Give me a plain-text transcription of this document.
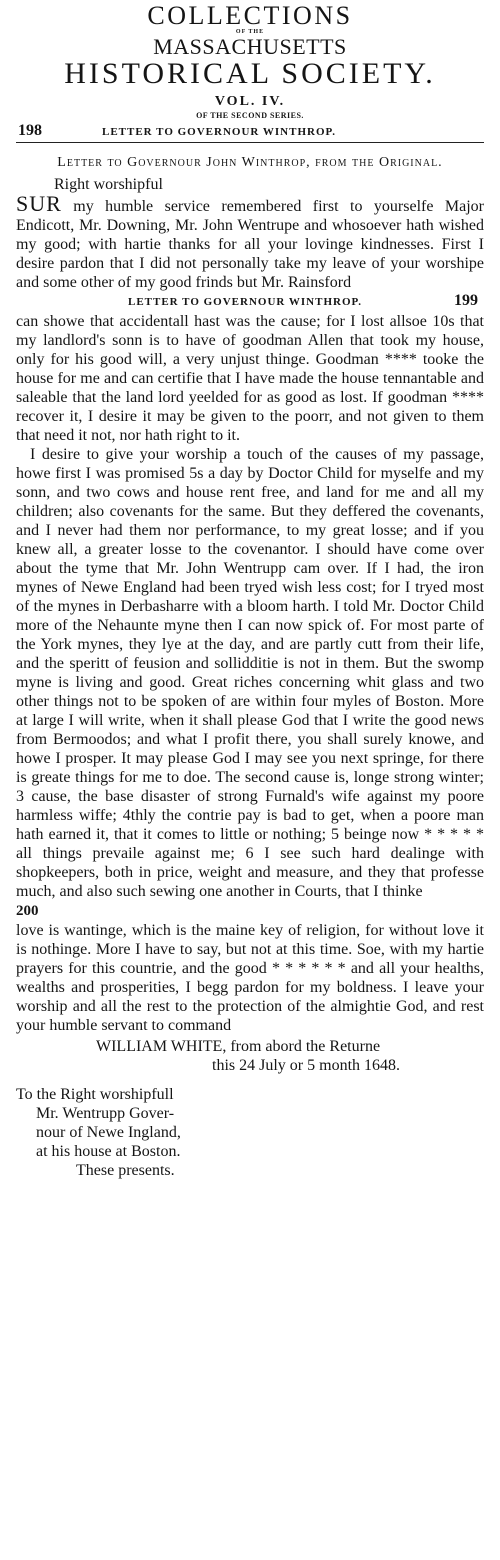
COLLECTIONS
OF THE
MASSACHUSETTS
HISTORICAL SOCIETY.
VOL. IV.
OF THE SECOND SERIES.
198	LETTER TO GOVERNOUR WINTHROP.
Letter to Governour John Winthrop, from the Original.
Right worshipful
SUR my humble service remembered first to yourselfe Major Endicott, Mr. Downing, Mr. John Wentrupe and whosoever hath wished my good; with hartie thanks for all your lovinge kindnesses. First I desire pardon that I did not personally take my leave of your worshipe and some other of my good frinds but Mr. Rainsford
LETTER TO GOVERNOUR WINTHROP.	199
can showe that accidentall hast was the cause; for I lost allsoe 10s that my landlord's sonn is to have of goodman Allen that took my house, only for his good will, a very unjust thinge. Goodman **** tooke the house for me and can certifie that I have made the house tennantable and saleable that the land lord yeelded for as good as lost. If goodman **** recover it, I desire it may be given to the poorr, and not given to them that need it not, nor hath right to it.
I desire to give your worship a touch of the causes of my passage, howe first I was promised 5s a day by Doctor Child for myselfe and my sonn, and two cows and house rent free, and land for me and all my children; also covenants for the same. But they deffered the covenants, and I never had them nor performance, to my great losse; and if you knew all, a greater losse to the covenantor. I should have come over about the tyme that Mr. John Wentrupp cam over. If I had, the iron mynes of Newe England had been tryed wish less cost; for I tryed most of the mynes in Derbasharre with a bloom harth. I told Mr. Doctor Child more of the Nehaunte myne then I can now spick of. For most parte of the York mynes, they lye at the day, and are partly cutt from their life, and the speritt of feusion and sollidditie is not in them. But the swomp myne is living and good. Great riches concerning whit glass and two other things not to be spoken of are within four myles of Boston. More at large I will write, when it shall please God that I write the good news from Bermoodos; and what I profit there, you shall surely knowe, and howe I prosper. It may please God I may see you next springe, for there is greate things for me to doe. The second cause is, longe strong winter; 3 cause, the base disaster of strong Furnald's wife against my poore harmless wiffe; 4thly the contrie pay is bad to get, when a poore man hath earned it, that it comes to little or nothing; 5 beinge now * * * * * all things prevaile against me; 6 I see such hard dealinge with shopkeepers, both in price, weight and measure, and they that professe much, and also such sewing one another in Courts, that I thinke
200
love is wantinge, which is the maine key of religion, for without love it is nothinge. More I have to say, but not at this time. Soe, with my hartie prayers for this countrie, and the good * * * * * * and all your healths, wealths and prosperities, I begg pardon for my boldness. I leave your worship and all the rest to the protection of the almightie God, and rest your humble servant to command
WILLIAM WHITE, from abord the Returne
this 24 July or 5 month 1648.
To the Right worshipfull
Mr. Wentrupp Gover-
nour of Newe Ingland,
at his house at Boston.
These presents.
